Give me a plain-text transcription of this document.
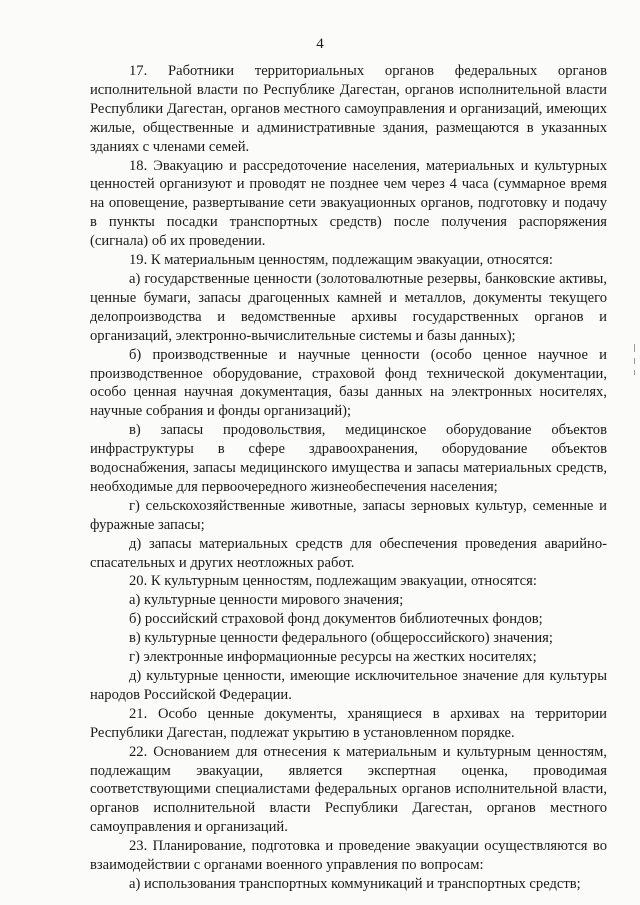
4

17. Работники территориальных органов федеральных органов исполнительной власти по Республике Дагестан, органов исполнительной власти Республики Дагестан, органов местного самоуправления и организаций, имеющих жилые, общественные и административные здания, размещаются в указанных зданиях с членами семей.

18. Эвакуацию и рассредоточение населения, материальных и культурных ценностей организуют и проводят не позднее чем через 4 часа (суммарное время на оповещение, развертывание сети эвакуационных органов, подготовку и подачу в пункты посадки транспортных средств) после получения распоряжения (сигнала) об их проведении.

19. К материальным ценностям, подлежащим эвакуации, относятся:

а) государственные ценности (золотовалютные резервы, банковские активы, ценные бумаги, запасы драгоценных камней и металлов, документы текущего делопроизводства и ведомственные архивы государственных органов и организаций, электронно-вычислительные системы и базы данных);

б) производственные и научные ценности (особо ценное научное и производственное оборудование, страховой фонд технической документации, особо ценная научная документация, базы данных на электронных носителях, научные собрания и фонды организаций);

в) запасы продовольствия, медицинское оборудование объектов инфраструктуры в сфере здравоохранения, оборудование объектов водоснабжения, запасы медицинского имущества и запасы материальных средств, необходимые для первоочередного жизнеобеспечения населения;

г) сельскохозяйственные животные, запасы зерновых культур, семенные и фуражные запасы;

д) запасы материальных средств для обеспечения проведения аварийно-спасательных и других неотложных работ.

20. К культурным ценностям, подлежащим эвакуации, относятся:

а) культурные ценности мирового значения;

б) российский страховой фонд документов библиотечных фондов;

в) культурные ценности федерального (общероссийского) значения;

г) электронные информационные ресурсы на жестких носителях;

д) культурные ценности, имеющие исключительное значение для культуры народов Российской Федерации.

21. Особо ценные документы, хранящиеся в архивах на территории Республики Дагестан, подлежат укрытию в установленном порядке.

22. Основанием для отнесения к материальным и культурным ценностям, подлежащим эвакуации, является экспертная оценка, проводимая соответствующими специалистами федеральных органов исполнительной власти, органов исполнительной власти Республики Дагестан, органов местного самоуправления и организаций.

23. Планирование, подготовка и проведение эвакуации осуществляются во взаимодействии с органами военного управления по вопросам:

а) использования транспортных коммуникаций и транспортных средств;
